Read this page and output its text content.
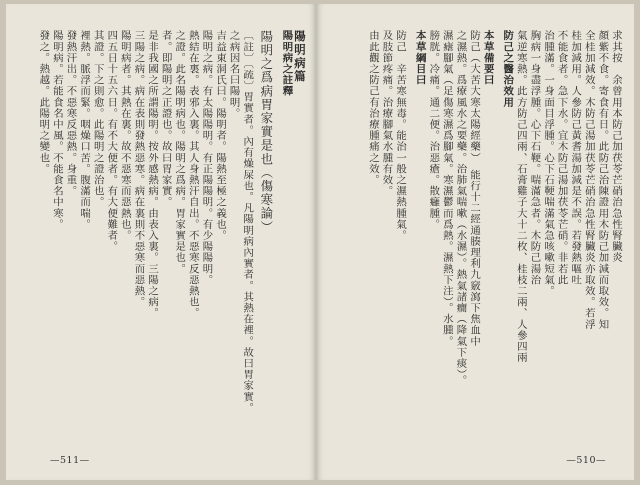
陽明病篇
陽明病之註釋
陽明之爲病胃家實是也（傷寒論）
〔註〕〔疏〕胃實者。內有燥屎也。凡陽明病內實者。其熱在裡。故曰胃家實。
之病因名曰陽明。
吉益東洞氏曰。陽明者。陽熱至極之義也。
陽明之病。有太陽陽明。有正陽陽明。有少陽陽明。
熱結在裏。表邪入裏。其人身熱汗自出。不惡寒反惡熱也。
之證。此名陽明病也。陽明之爲病。胃家實是也。
者。即陽明之正證也。故曰胃家實。
是非我國之所謂陽明。按外感熱病。由表入裏。三陽之病。
三陽之病。病在表則發熱惡寒。病在裏則不惡寒而惡熱。
陽明病者。其熱在裏。故不惡寒而惡熱也。
四五日十五六日。有不大便者。有大便難者。
其證。下之則愈。此陽明之證治也。
裡熱。脈浮而緊。咽燥口苦。腹滿而喘。
發熱汗出。不惡寒反惡熱。身重。
陽明病。若能食名中風。不能食名中寒。
發之。熱越。此陽明之變也。
—511—
求其按　余曾用本防己加茯苓芒硝治急性腎臟炎
顏紫不食。寄食有日。此防己治陳證用木防己加減而取效。知
全桂加減效。木防己湯加茯苓芒硝治急性腎臟炎亦取效。若浮
桂加減用。人參防己黃耆湯加減是不誤。若發熱嘔吐
不能食者。急下水。宜木防己湯加茯苓芒硝。非若此
治腫滿。一身面目浮腫。心下石鞕喘滿氣急咳嗽短氣。
胸病一身盡浮腫。心下石鞕。喘滿急者。木防己湯治
氣逆寒熱。此方防己四兩、石膏雞子大十二枚、桂枝二兩、人參四兩
防己之醫治效用
本草備要曰
防己（大苦大寒太陽經藥）　能行十二經通腠理利九竅瀉下焦血中
之濕熱。爲療風水之要藥。治肺氣喘嗽（水濕）。熱氣諸癇（降氣下痰）。
濕瘧腳氣（足傷寒濕爲腳氣。寒濕鬱而爲熱。濕熱下注）。水腫。
膀胱。冷痛。通二便。治惡瘡。散癰腫。
本草綱目曰
防己　辛苦寒無毒。能治一般之濕熱腫氣。
及肢節疼痛。治療腳氣水腫有效。
由此觀之防己有治療腫痛之效。
—510—
